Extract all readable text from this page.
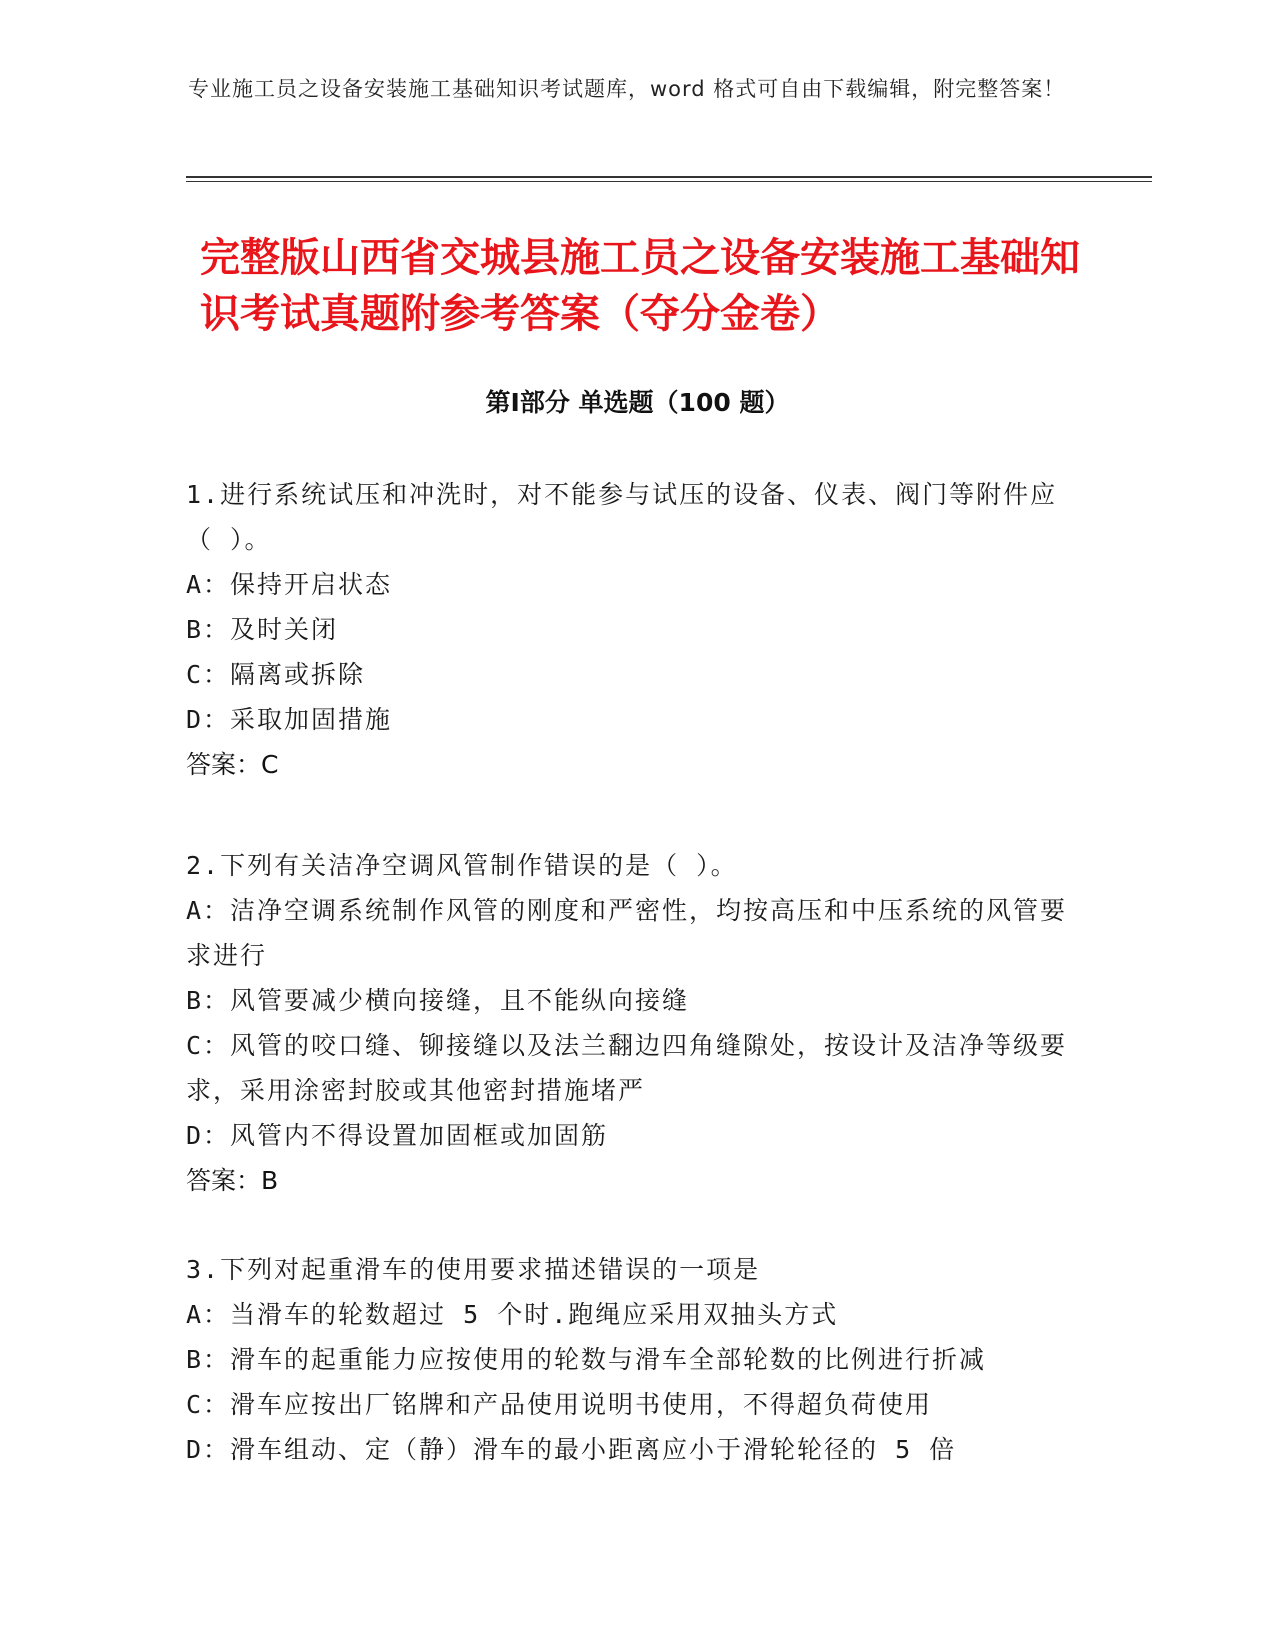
专业施工员之设备安装施工基础知识考试题库，word 格式可自由下载编辑，附完整答案！
完整版山西省交城县施工员之设备安装施工基础知识考试真题附参考答案（夺分金卷）
第Ⅰ部分 单选题（100 题）
1.进行系统试压和冲洗时，对不能参与试压的设备、仪表、阀门等附件应（ ）。
A：保持开启状态
B：及时关闭
C：隔离或拆除
D：采取加固措施
答案：C
2.下列有关洁净空调风管制作错误的是（ ）。
A：洁净空调系统制作风管的刚度和严密性，均按高压和中压系统的风管要求进行
B：风管要减少横向接缝，且不能纵向接缝
C：风管的咬口缝、铆接缝以及法兰翻边四角缝隙处，按设计及洁净等级要求，采用涂密封胶或其他密封措施堵严
D：风管内不得设置加固框或加固筋
答案：B
3.下列对起重滑车的使用要求描述错误的一项是
A：当滑车的轮数超过 5 个时.跑绳应采用双抽头方式
B：滑车的起重能力应按使用的轮数与滑车全部轮数的比例进行折减
C：滑车应按出厂铭牌和产品使用说明书使用，不得超负荷使用
D：滑车组动、定（静）滑车的最小距离应小于滑轮轮径的 5 倍
